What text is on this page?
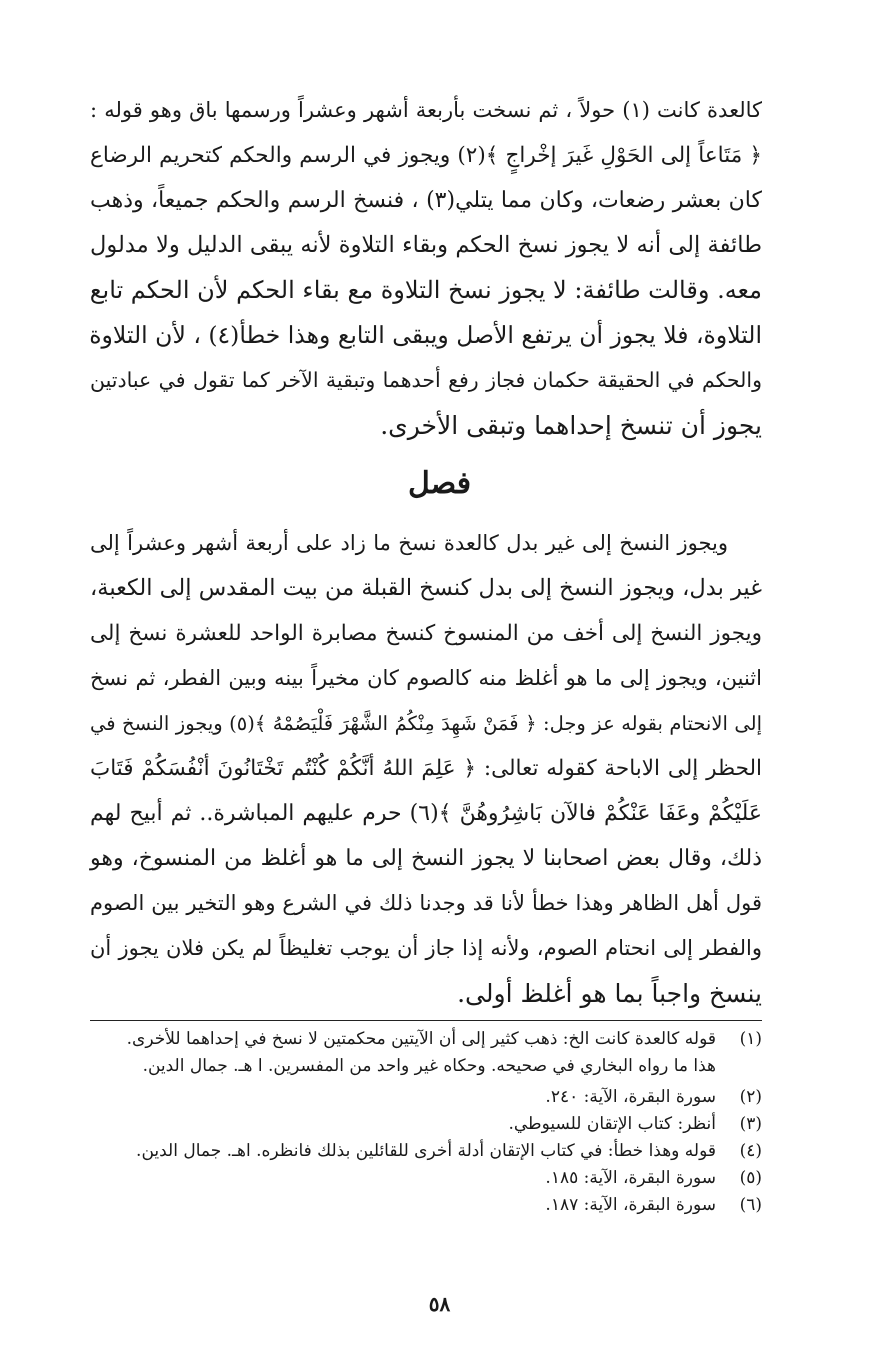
كالعدة كانت (١) حولاً ، ثم نسخت بأربعة أشهر وعشراً ورسمها باق وهو قوله :
﴿ مَتَاعاً إلى الحَوْلِ غَيرَ إخْراجٍ ﴾(٢) ويجوز في الرسم والحكم كتحريم الرضاع
كان بعشر رضعات، وكان مما يتلي(٣) ، فنسخ الرسم والحكم جميعاً، وذهب
طائفة إلى أنه لا يجوز نسخ الحكم وبقاء التلاوة لأنه يبقى الدليل ولا مدلول
معه. وقالت طائفة: لا يجوز نسخ التلاوة مع بقاء الحكم لأن الحكم تابع
التلاوة، فلا يجوز أن يرتفع الأصل ويبقى التابع وهذا خطأ(٤) ، لأن التلاوة
والحكم في الحقيقة حكمان فجاز رفع أحدهما وتبقية الآخر كما تقول في عبادتين
يجوز أن تنسخ إحداهما وتبقى الأخرى.
فصل
ويجوز النسخ إلى غير بدل كالعدة نسخ ما زاد على أربعة أشهر وعشراً إلى
غير بدل، ويجوز النسخ إلى بدل كنسخ القبلة من بيت المقدس إلى الكعبة،
ويجوز النسخ إلى أخف من المنسوخ كنسخ مصابرة الواحد للعشرة نسخ إلى
اثنين، ويجوز إلى ما هو أغلظ منه كالصوم كان مخيراً بينه وبين الفطر، ثم نسخ
إلى الانحتام بقوله عز وجل: ﴿ فَمَنْ شَهِدَ مِنْكُمُ الشَّهْرَ فَلْيَصُمْهُ ﴾(٥) ويجوز النسخ في
الحظر إلى الاباحة كقوله تعالى: ﴿ عَلِمَ اللهُ أنَّكُمْ كُنْتُم تَخْتَانُونَ أنْفُسَكُمْ فَتَابَ
عَلَيْكُمْ وعَفَا عَنْكُمْ فالآن بَاشِرُوهُنَّ ﴾(٦) حرم عليهم المباشرة.. ثم أبيح لهم
ذلك، وقال بعض اصحابنا لا يجوز النسخ إلى ما هو أغلظ من المنسوخ، وهو
قول أهل الظاهر وهذا خطأ لأنا قد وجدنا ذلك في الشرع وهو التخير بين الصوم
والفطر إلى انحتام الصوم، ولأنه إذا جاز أن يوجب تغليظاً لم يكن فلان يجوز أن
ينسخ واجباً بما هو أغلظ أولى.
(١)
قوله كالعدة كانت الخ: ذهب كثير إلى أن الآيتين محكمتين لا نسخ في إحداهما للأخرى.
هذا ما رواه البخاري في صحيحه. وحكاه غير واحد من المفسرين. ا هـ. جمال الدين.
(٢)
سورة البقرة، الآية: ٢٤٠.
(٣)
أنظر: كتاب الإتقان للسيوطي.
(٤)
قوله وهذا خطأ: في كتاب الإتقان أدلة أخرى للقائلين بذلك فانظره. اهـ. جمال الدين.
(٥)
سورة البقرة، الآية: ١٨٥.
(٦)
سورة البقرة، الآية: ١٨٧.
٥٨
